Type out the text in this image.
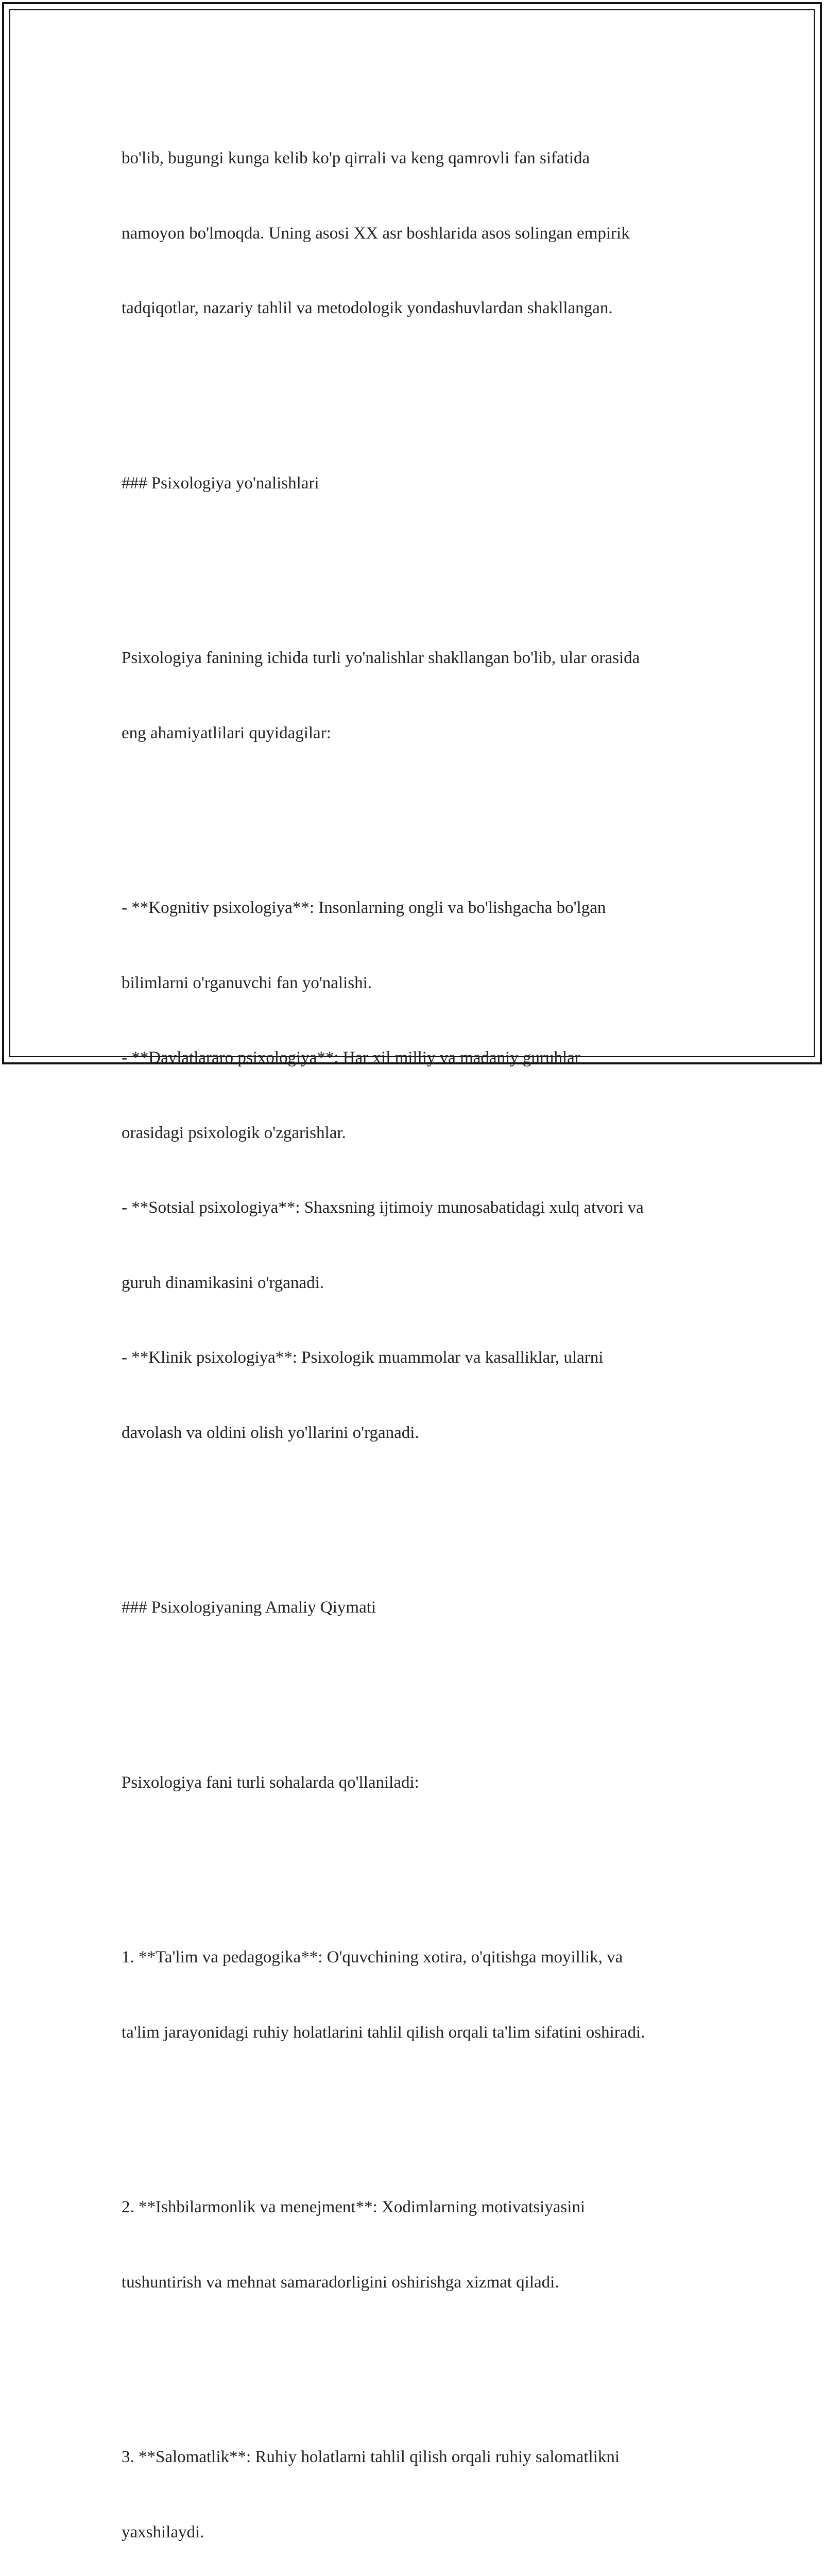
bo'lib, bugungi kunga kelib ko'p qirrali va keng qamrovli fan sifatida

namoyon bo'lmoqda. Uning asosi XX asr boshlarida asos solingan empirik

tadqiqotlar, nazariy tahlil va metodologik yondashuvlardan shakllangan.

### Psixologiya yo'nalishlari

Psixologiya fanining ichida turli yo'nalishlar shakllangan bo'lib, ular orasida

eng ahamiyatlilari quyidagilar:

- **Kognitiv psixologiya**: Insonlarning ongli va bo'lishgacha bo'lgan

bilimlarni o'rganuvchi fan yo'nalishi.

- **Davlatlararo psixologiya**: Har xil milliy va madaniy guruhlar

orasidagi psixologik o'zgarishlar.

- **Sotsial psixologiya**: Shaxsning ijtimoiy munosabatidagi xulq atvori va

guruh dinamikasini o'rganadi.

- **Klinik psixologiya**: Psixologik muammolar va kasalliklar, ularni

davolash va oldini olish yo'llarini o'rganadi.

### Psixologiyaning Amaliy Qiymati

Psixologiya fani turli sohalarda qo'llaniladi:

1. **Ta'lim va pedagogika**: O'quvchining xotira, o'qitishga moyillik, va

ta'lim jarayonidagi ruhiy holatlarini tahlil qilish orqali ta'lim sifatini oshiradi.

2. **Ishbilarmonlik va menejment**: Xodimlarning motivatsiyasini

tushuntirish va mehnat samaradorligini oshirishga xizmat qiladi.

3. **Salomatlik**: Ruhiy holatlarni tahlil qilish orqali ruhiy salomatlikni

yaxshilaydi.
